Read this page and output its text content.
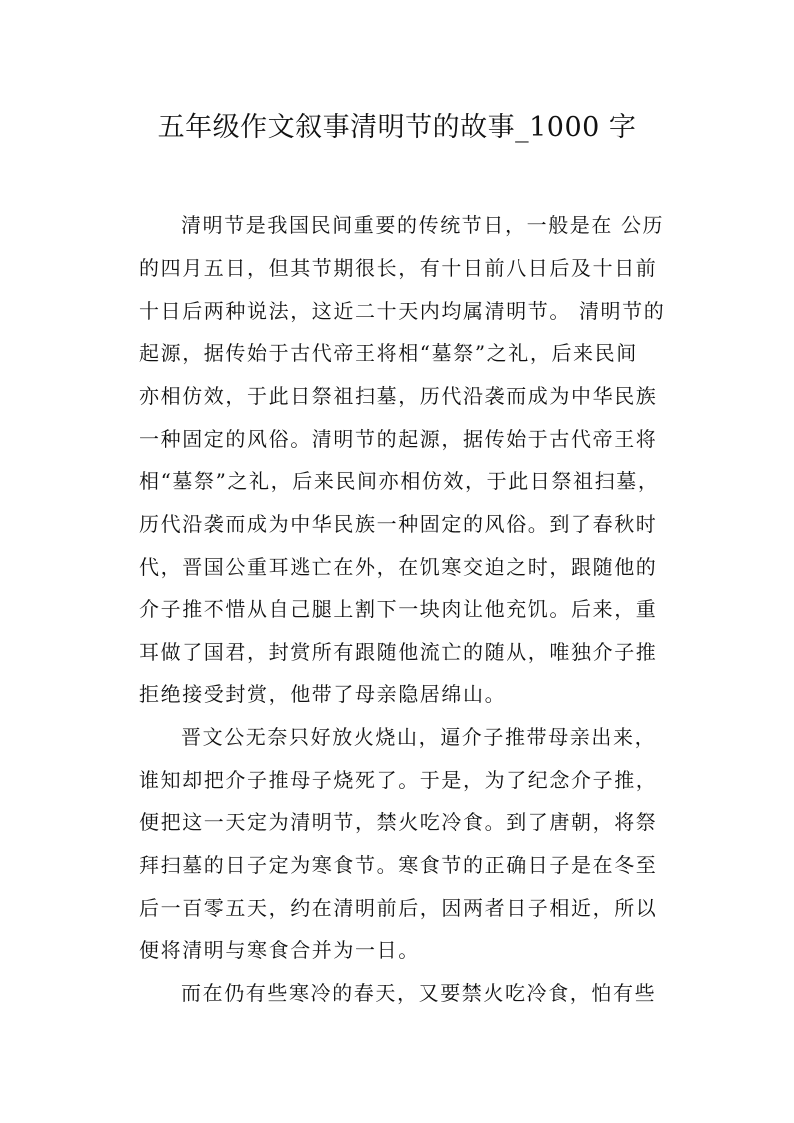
五年级作文叙事清明节的故事_1000 字
清明节是我国民间重要的传统节日，一般是在 公历
的四月五日，但其节期很长，有十日前八日后及十日前
十日后两种说法，这近二十天内均属清明节。 清明节的
起源，据传始于古代帝王将相“墓祭”之礼，后来民间
亦相仿效，于此日祭祖扫墓，历代沿袭而成为中华民族
一种固定的风俗。清明节的起源，据传始于古代帝王将
相“墓祭”之礼，后来民间亦相仿效，于此日祭祖扫墓，
历代沿袭而成为中华民族一种固定的风俗。到了春秋时
代，晋国公重耳逃亡在外，在饥寒交迫之时，跟随他的
介子推不惜从自己腿上割下一块肉让他充饥。后来，重
耳做了国君，封赏所有跟随他流亡的随从，唯独介子推
拒绝接受封赏，他带了母亲隐居绵山。
晋文公无奈只好放火烧山，逼介子推带母亲出来，
谁知却把介子推母子烧死了。于是，为了纪念介子推，
便把这一天定为清明节，禁火吃冷食。到了唐朝，将祭
拜扫墓的日子定为寒食节。寒食节的正确日子是在冬至
后一百零五天，约在清明前后，因两者日子相近，所以
便将清明与寒食合并为一日。
而在仍有些寒冷的春天，又要禁火吃冷食，怕有些
